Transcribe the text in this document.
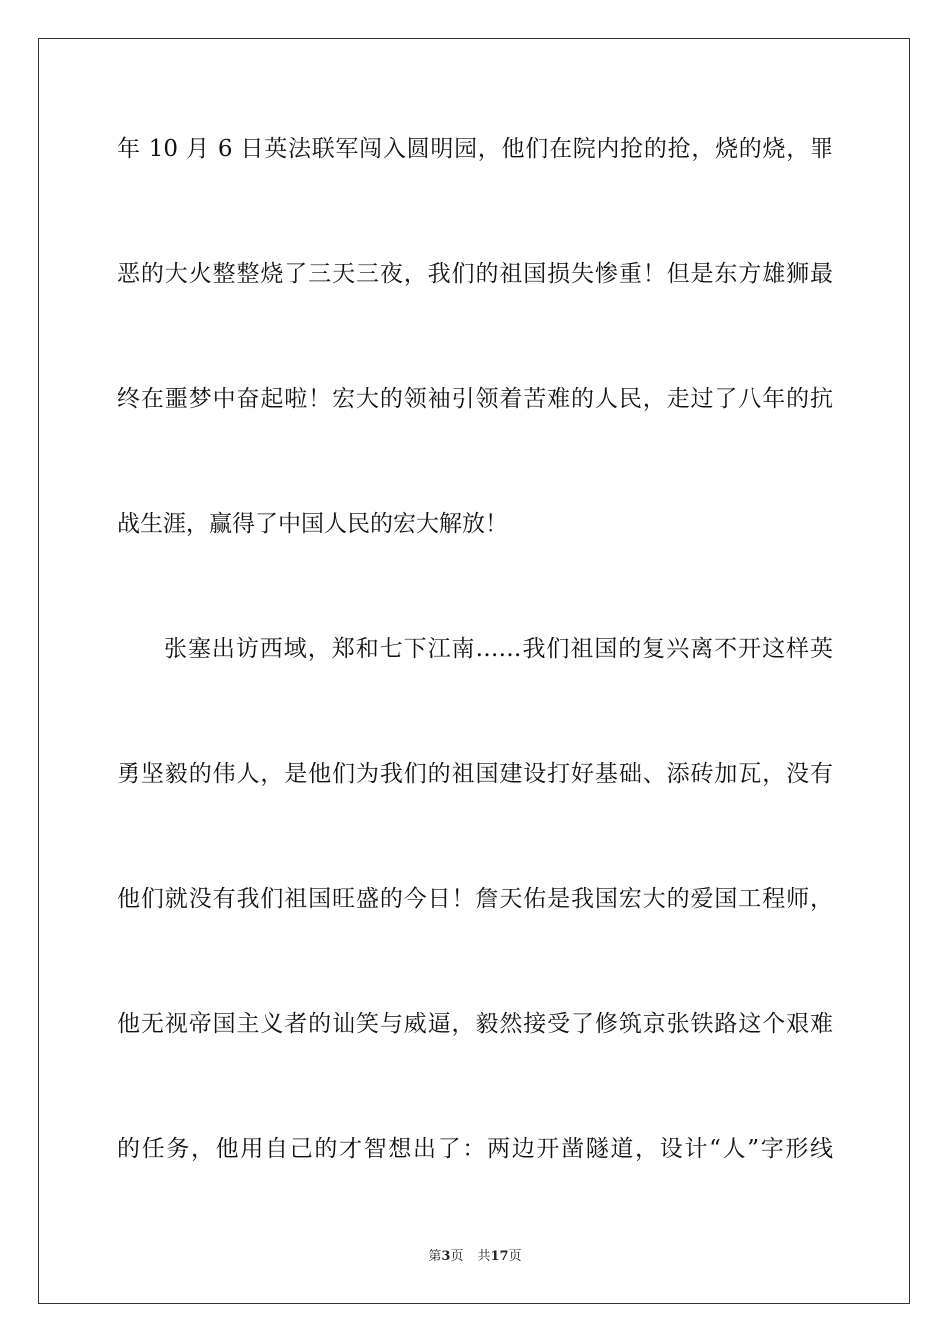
年 10 月 6 日英法联军闯入圆明园，他们在院内抢的抢，烧的烧，罪
恶的大火整整烧了三天三夜，我们的祖国损失惨重！但是东方雄狮最
终在噩梦中奋起啦！宏大的领袖引领着苦难的人民，走过了八年的抗
战生涯，赢得了中国人民的宏大解放！
张塞出访西域，郑和七下江南……我们祖国的复兴离不开这样英
勇坚毅的伟人，是他们为我们的祖国建设打好基础、添砖加瓦，没有
他们就没有我们祖国旺盛的今日！詹天佑是我国宏大的爱国工程师，
他无视帝国主义者的讪笑与威逼，毅然接受了修筑京张铁路这个艰难
的任务，他用自己的才智想出了：两边开凿隧道，设计“人”字形线
第3页 共17页
